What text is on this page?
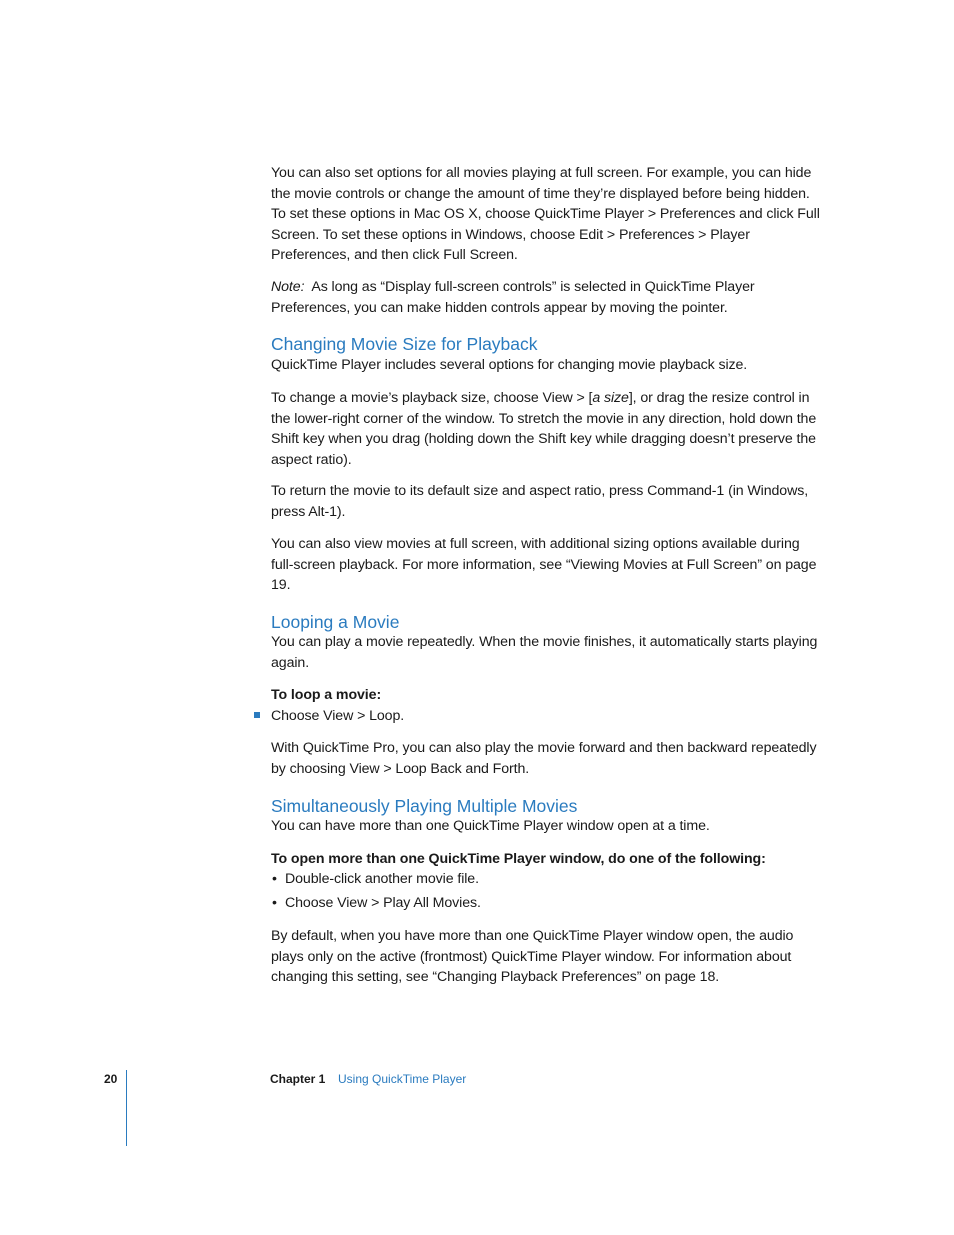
You can also set options for all movies playing at full screen. For example, you can hide the movie controls or change the amount of time they’re displayed before being hidden. To set these options in Mac OS X, choose QuickTime Player > Preferences and click Full Screen. To set these options in Windows, choose Edit > Preferences > Player Preferences, and then click Full Screen.

Note: As long as “Display full-screen controls” is selected in QuickTime Player Preferences, you can make hidden controls appear by moving the pointer.

Changing Movie Size for Playback

QuickTime Player includes several options for changing movie playback size.

To change a movie’s playback size, choose View > [a size], or drag the resize control in the lower-right corner of the window. To stretch the movie in any direction, hold down the Shift key when you drag (holding down the Shift key while dragging doesn’t preserve the aspect ratio).

To return the movie to its default size and aspect ratio, press Command-1 (in Windows, press Alt-1).

You can also view movies at full screen, with additional sizing options available during full-screen playback. For more information, see “Viewing Movies at Full Screen” on page 19.

Looping a Movie

You can play a movie repeatedly. When the movie finishes, it automatically starts playing again.

To loop a movie:

Choose View > Loop.

With QuickTime Pro, you can also play the movie forward and then backward repeatedly by choosing View > Loop Back and Forth.

Simultaneously Playing Multiple Movies

You can have more than one QuickTime Player window open at a time.

To open more than one QuickTime Player window, do one of the following:

• Double-click another movie file.

• Choose View > Play All Movies.

By default, when you have more than one QuickTime Player window open, the audio plays only on the active (frontmost) QuickTime Player window. For information about changing this setting, see “Changing Playback Preferences” on page 18.

20	Chapter 1 Using QuickTime Player
